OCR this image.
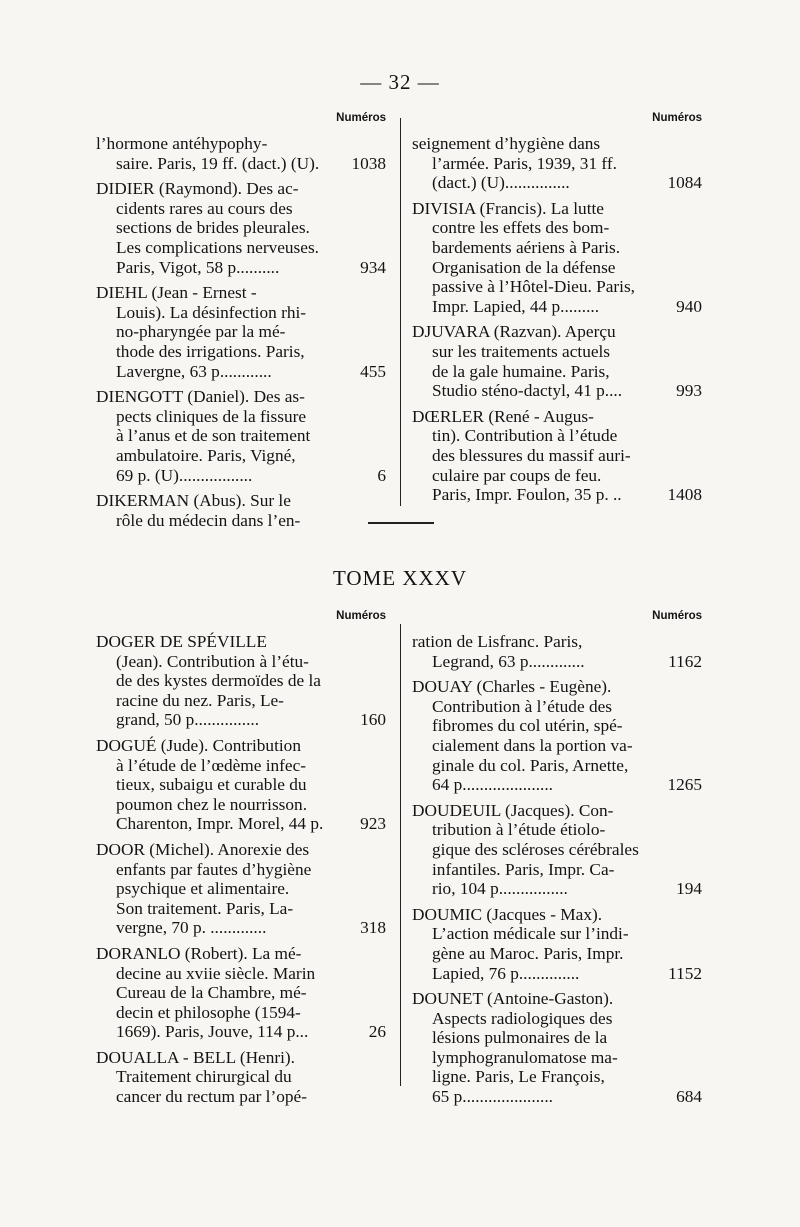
— 32 —
Numéros
l’hormone antéhypophy-
saire. Paris, 19 ff. (dact.) (U).	1038
DIDIER (Raymond). Des ac-
cidents rares au cours des
sections de brides pleurales.
Les complications nerveuses.
Paris, Vigot, 58 p..........	934
DIEHL (Jean - Ernest -
Louis). La désinfection rhi-
no-pharyngée par la mé-
thode des irrigations. Paris,
Lavergne, 63 p............	455
DIENGOTT (Daniel). Des as-
pects cliniques de la fissure
à l’anus et de son traitement
ambulatoire. Paris, Vigné,
69 p. (U).................	6
DIKERMAN (Abus). Sur le
rôle du médecin dans l’en-
Numéros
seignement d’hygiène dans
l’armée. Paris, 1939, 31 ff.
(dact.) (U)...............	1084
DIVISIA (Francis). La lutte
contre les effets des bom-
bardements aériens à Paris.
Organisation de la défense
passive à l’Hôtel-Dieu. Paris,
Impr. Lapied, 44 p.........	940
DJUVARA (Razvan). Aperçu
sur les traitements actuels
de la gale humaine. Paris,
Studio sténo-dactyl, 41 p....	993
DŒRLER (René - Augus-
tin). Contribution à l’étude
des blessures du massif auri-
culaire par coups de feu.
Paris, Impr. Foulon, 35 p. ..	1408
TOME XXXV
Numéros
DOGER DE SPÉVILLE
(Jean). Contribution à l’étu-
de des kystes dermoïdes de la
racine du nez. Paris, Le-
grand, 50 p...............	160
DOGUÉ (Jude). Contribution
à l’étude de l’œdème infec-
tieux, subaigu et curable du
poumon chez le nourrisson.
Charenton, Impr. Morel, 44 p.	923
DOOR (Michel). Anorexie des
enfants par fautes d’hygiène
psychique et alimentaire.
Son traitement. Paris, La-
vergne, 70 p. .............	318
DORANLO (Robert). La mé-
decine au xviie siècle. Marin
Cureau de la Chambre, mé-
decin et philosophe (1594-
1669). Paris, Jouve, 114 p...	26
DOUALLA - BELL (Henri).
Traitement chirurgical du
cancer du rectum par l’opé-
Numéros
ration de Lisfranc. Paris,
Legrand, 63 p.............	1162
DOUAY (Charles - Eugène).
Contribution à l’étude des
fibromes du col utérin, spé-
cialement dans la portion va-
ginale du col. Paris, Arnette,
64 p.....................	1265
DOUDEUIL (Jacques). Con-
tribution à l’étude étiolo-
gique des scléroses cérébrales
infantiles. Paris, Impr. Ca-
rio, 104 p................	194
DOUMIC (Jacques - Max).
L’action médicale sur l’indi-
gène au Maroc. Paris, Impr.
Lapied, 76 p..............	1152
DOUNET (Antoine-Gaston).
Aspects radiologiques des
lésions pulmonaires de la
lymphogranulomatose ma-
ligne. Paris, Le François,
65 p.....................	684
